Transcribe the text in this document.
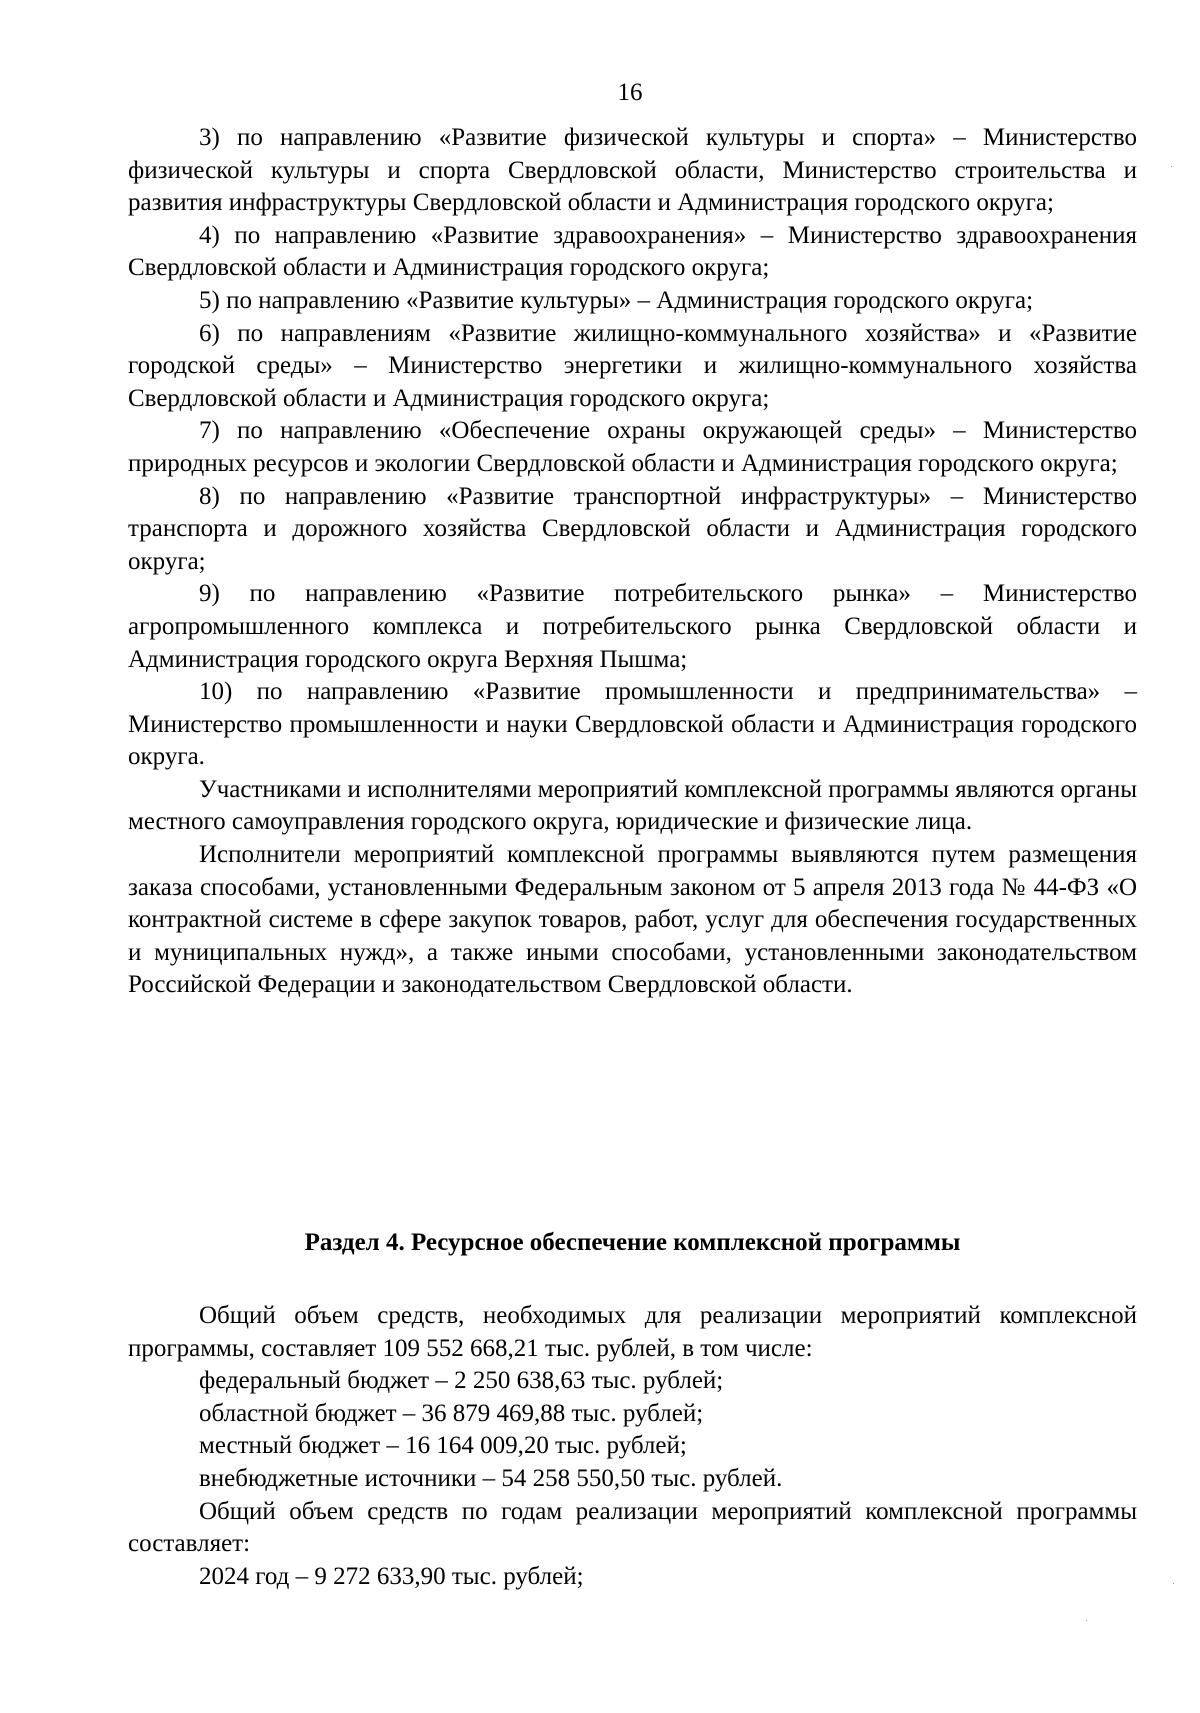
16

3) по направлению «Развитие физической культуры и спорта» – Министерство физической культуры и спорта Свердловской области, Министерство строительства и развития инфраструктуры Свердловской области и Администрация городского округа;

4) по направлению «Развитие здравоохранения» – Министерство здравоохранения Свердловской области и Администрация городского округа;

5) по направлению «Развитие культуры» – Администрация городского округа;

6) по направлениям «Развитие жилищно-коммунального хозяйства» и «Развитие городской среды» – Министерство энергетики и жилищно-коммунального хозяйства Свердловской области и Администрация городского округа;

7) по направлению «Обеспечение охраны окружающей среды» – Министерство природных ресурсов и экологии Свердловской области и Администрация городского округа;

8) по направлению «Развитие транспортной инфраструктуры» – Министерство транспорта и дорожного хозяйства Свердловской области и Администрация городского округа;

9) по направлению «Развитие потребительского рынка» – Министерство агропромышленного комплекса и потребительского рынка Свердловской области и Администрация городского округа Верхняя Пышма;

10) по направлению «Развитие промышленности и предпринимательства» – Министерство промышленности и науки Свердловской области и Администрация городского округа.

Участниками и исполнителями мероприятий комплексной программы являются органы местного самоуправления городского округа, юридические и физические лица.

Исполнители мероприятий комплексной программы выявляются путем размещения заказа способами, установленными Федеральным законом от 5 апреля 2013 года № 44-ФЗ «О контрактной системе в сфере закупок товаров, работ, услуг для обеспечения государственных и муниципальных нужд», а также иными способами, установленными законодательством Российской Федерации и законодательством Свердловской области.

Раздел 4. Ресурсное обеспечение комплексной программы

Общий объем средств, необходимых для реализации мероприятий комплексной программы, составляет 109 552 668,21 тыс. рублей, в том числе:

федеральный бюджет – 2 250 638,63 тыс. рублей;

областной бюджет – 36 879 469,88 тыс. рублей;

местный бюджет – 16 164 009,20 тыс. рублей;

внебюджетные источники – 54 258 550,50 тыс. рублей.

Общий объем средств по годам реализации мероприятий комплексной программы составляет:

2024 год – 9 272 633,90 тыс. рублей;
